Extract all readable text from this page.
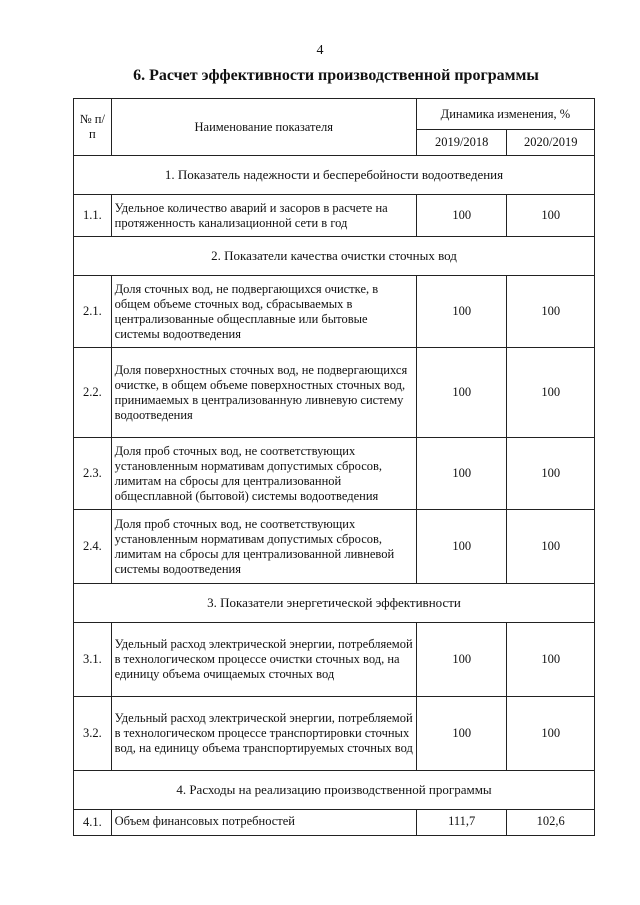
4
6. Расчет эффективности производственной программы
№ п/п	Наименование показателя	Динамика изменения, %	
		2019/2018	2020/2019
1. Показатель надежности и бесперебойности водоотведения			
1.1.	Удельное количество аварий и засоров в расчете на протяженность канализационной сети в год	100	100
2. Показатели качества очистки сточных вод			
2.1.	Доля сточных вод, не подвергающихся очистке, в общем объеме сточных вод, сбрасываемых в централизованные общесплавные или бытовые системы водоотведения	100	100
2.2.	Доля поверхностных сточных вод, не подвергающихся очистке, в общем объеме поверхностных сточных вод, принимаемых в централизованную ливневую систему водоотведения	100	100
2.3.	Доля проб сточных вод, не соответствующих установленным нормативам допустимых сбросов, лимитам на сбросы для централизованной общесплавной (бытовой) системы водоотведения	100	100
2.4.	Доля проб сточных вод, не соответствующих установленным нормативам допустимых сбросов, лимитам на сбросы для централизованной ливневой системы водоотведения	100	100
3. Показатели энергетической эффективности			
3.1.	Удельный расход электрической энергии, потребляемой в технологическом процессе очистки сточных вод, на единицу объема очищаемых сточных вод	100	100
3.2.	Удельный расход электрической энергии, потребляемой в технологическом процессе транспортировки сточных вод, на единицу объема транспортируемых сточных вод	100	100
4. Расходы на реализацию производственной программы			
4.1.	Объем финансовых потребностей	111,7	102,6
